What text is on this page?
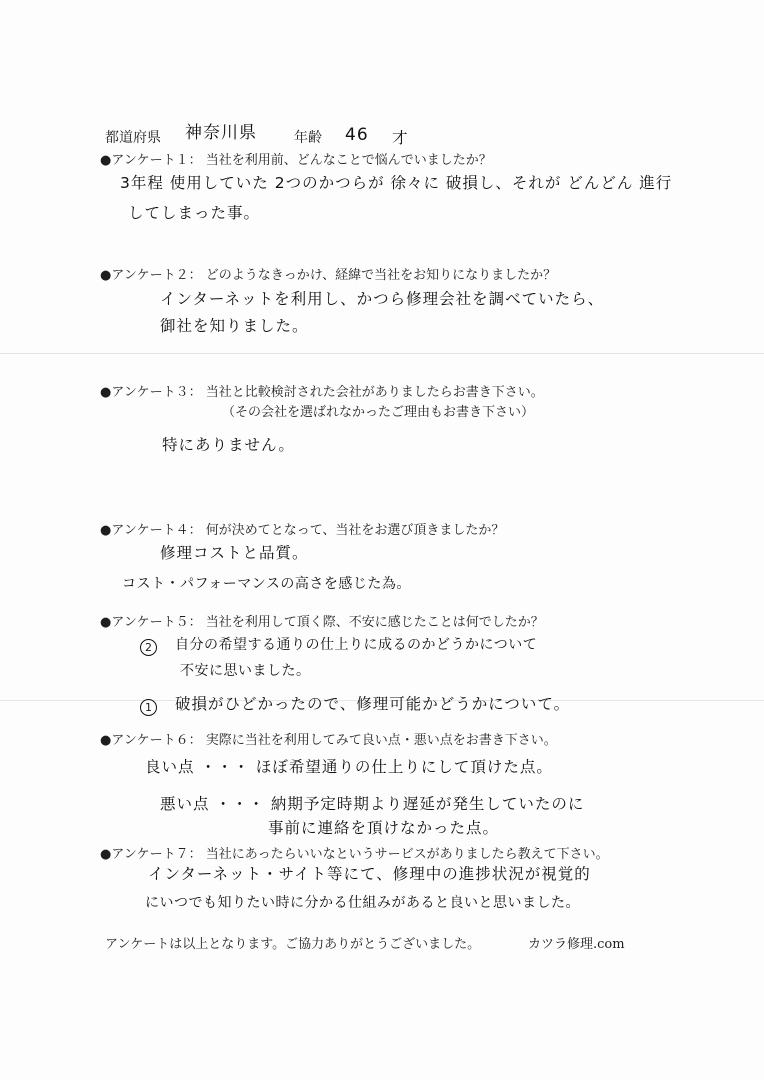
都道府県 神奈川県	年齢 46 才
●アンケート１： 当社を利用前、どんなことで悩んでいましたか？
3年程 使用していた 2つのかつらが 徐々に 破損し、それが どんどん 進行
してしまった事。
●アンケート２： どのようなきっかけ、経緯で当社をお知りになりましたか？
インターネットを利用し、かつら修理会社を調べていたら、
御社を知りました。
●アンケート３： 当社と比較検討された会社がありましたらお書き下さい。
（その会社を選ばれなかったご理由もお書き下さい）
特にありません。
●アンケート４： 何が決めてとなって、当社をお選び頂きましたか？
修理コストと品質。
コスト・パフォーマンスの高さを感じた為。
●アンケート５： 当社を利用して頂く際、不安に感じたことは何でしたか？
2	自分の希望する通りの仕上りに成るのかどうかについて
不安に思いました。
1	破損がひどかったので、修理可能かどうかについて。
●アンケート６： 実際に当社を利用してみて良い点・悪い点をお書き下さい。
良い点 ・・・ ほぼ希望通りの仕上りにして頂けた点。
悪い点 ・・・ 納期予定時期より遅延が発生していたのに
事前に連絡を頂けなかった点。
●アンケート７： 当社にあったらいいなというサービスがありましたら教えて下さい。
インターネット・サイト等にて、修理中の進捗状況が視覚的
にいつでも知りたい時に分かる仕組みがあると良いと思いました。
アンケートは以上となります。ご協力ありがとうございました。	カツラ修理.com
